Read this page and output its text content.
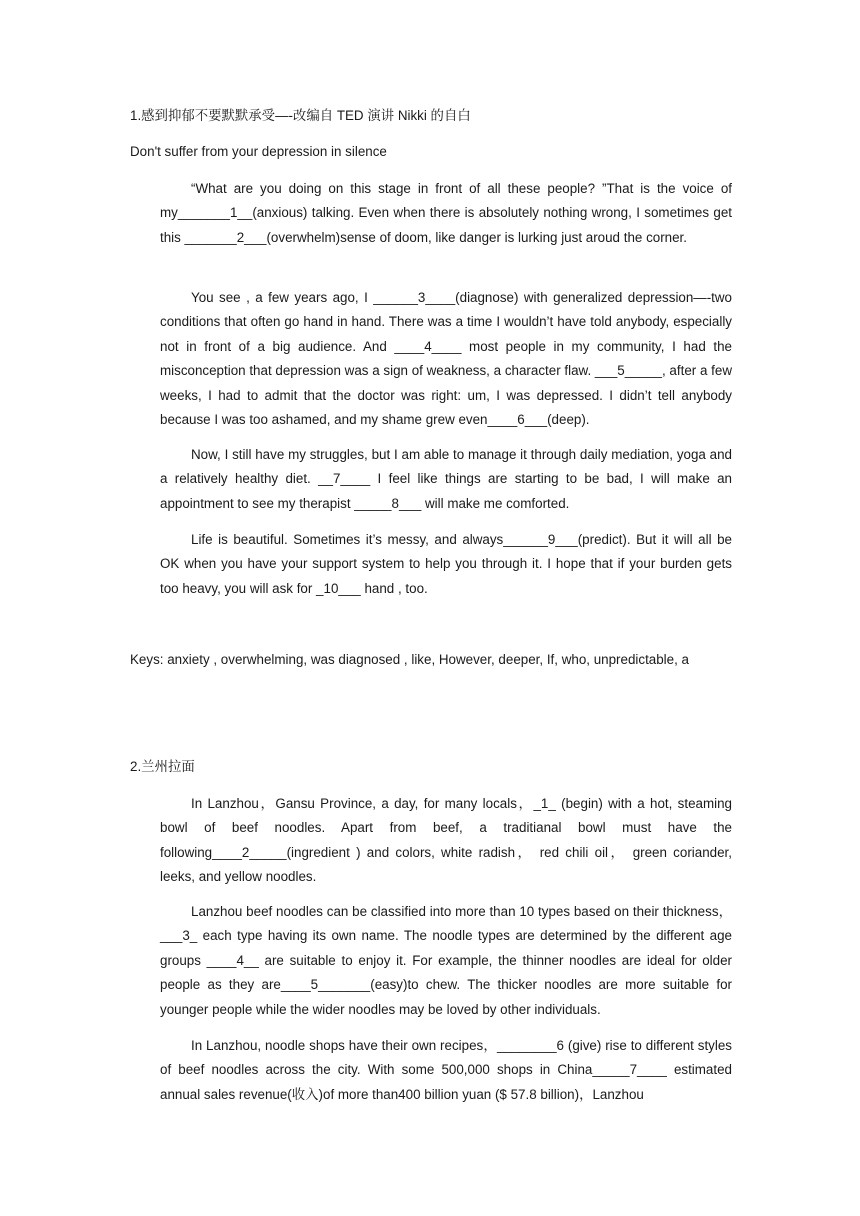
1.感到抑郁不要默默承受—-改编自 TED 演讲 Nikki 的自白
Don't suffer from your depression in silence

“What are you doing on this stage in front of all these people? ”That is the voice of my_______1__(anxious) talking. Even when there is absolutely nothing wrong, I sometimes get this _______2___(overwhelm)sense of doom, like danger is lurking just aroud the corner.

You see , a few years ago, I ______3____(diagnose) with generalized depression—-two conditions that often go hand in hand. There was a time I wouldn’t have told anybody, especially not in front of a big audience. And ____4____ most people in my community, I had the misconception that depression was a sign of weakness, a character flaw. ___5_____, after a few weeks, I had to admit that the doctor was right: um, I was depressed. I didn’t tell anybody because I was too ashamed, and my shame grew even____6___(deep).

Now, I still have my struggles, but I am able to manage it through daily mediation, yoga and a relatively healthy diet. __7____ I feel like things are starting to be bad, I will make an appointment to see my therapist _____8___ will make me comforted.

Life is beautiful. Sometimes it’s messy, and always______9___(predict). But it will all be OK when you have your support system to help you through it. I hope that if your burden gets too heavy, you will ask for _10___ hand , too.

Keys: anxiety , overwhelming, was diagnosed , like, However, deeper, If, who, unpredictable, a
2.兰州拉面

In Lanzhou，Gansu Province, a day, for many locals，_1_ (begin) with a hot, steaming bowl of beef noodles. Apart from beef, a traditianal bowl must have the following____2_____(ingredient ) and colors, white radish， red chili oil， green coriander, leeks, and yellow noodles.

Lanzhou beef noodles can be classified into more than 10 types based on their thickness，___3_ each type having its own name. The noodle types are determined by the different age groups ____4__ are suitable to enjoy it. For example, the thinner noodles are ideal for older people as they are____5_______(easy)to chew. The thicker noodles are more suitable for younger people while the wider noodles may be loved by other individuals.

In Lanzhou, noodle shops have their own recipes，________6 (give) rise to different styles of beef noodles across the city. With some 500,000 shops in China_____7____ estimated annual sales revenue(收入)of more than400 billion yuan ($ 57.8 billion)，Lanzhou
